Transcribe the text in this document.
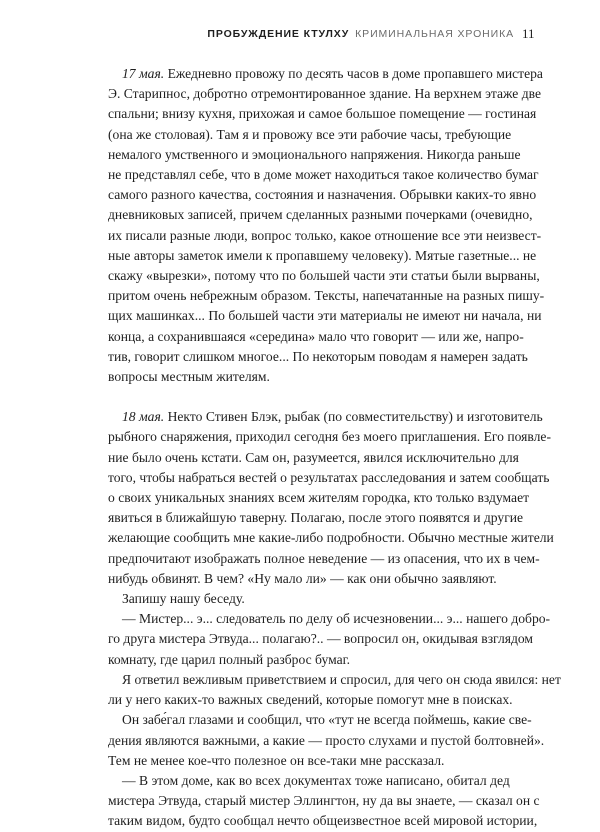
ПРОБУЖДЕНИЕ КТУЛХУ КРИМИНАЛЬНАЯ ХРОНИКА 11

17 мая. Ежедневно провожу по десять часов в доме пропавшего мистера
Э. Старипнос, добротно отремонтированное здание. На верхнем этаже две
спальни; внизу кухня, прихожая и самое большое помещение — гостиная
(она же столовая). Там я и провожу все эти рабочие часы, требующие
немалого умственного и эмоционального напряжения. Никогда раньше
не представлял себе, что в доме может находиться такое количество бумаг
самого разного качества, состояния и назначения. Обрывки каких-то явно
дневниковых записей, причем сделанных разными почерками (очевидно,
их писали разные люди, вопрос только, какое отношение все эти неизвест-
ные авторы заметок имели к пропавшему человеку). Мятые газетные... не
скажу «вырезки», потому что по большей части эти статьи были вырваны,
притом очень небрежным образом. Тексты, напечатанные на разных пишу-
щих машинках... По большей части эти материалы не имеют ни начала, ни
конца, а сохранившаяся «середина» мало что говорит — или же, напро-
тив, говорит слишком многое... По некоторым поводам я намерен задать
вопросы местным жителям.

18 мая. Некто Стивен Блэк, рыбак (по совместительству) и изготовитель
рыбного снаряжения, приходил сегодня без моего приглашения. Его появле-
ние было очень кстати. Сам он, разумеется, явился исключительно для
того, чтобы набраться вестей о результатах расследования и затем сообщать
о своих уникальных знаниях всем жителям городка, кто только вздумает
явиться в ближайшую таверну. Полагаю, после этого появятся и другие
желающие сообщить мне какие-либо подробности. Обычно местные жители
предпочитают изображать полное неведение — из опасения, что их в чем-
нибудь обвинят. В чем? «Ну мало ли» — как они обычно заявляют.

Запишу нашу беседу.

— Мистер... э... следователь по делу об исчезновении... э... нашего добро-
го друга мистера Этвуда... полагаю?.. — вопросил он, окидывая взглядом
комнату, где царил полный разброс бумаг.

Я ответил вежливым приветствием и спросил, для чего он сюда явился: нет
ли у него каких-то важных сведений, которые помогут мне в поисках.

Он забе́гал глазами и сообщил, что «тут не всегда поймешь, какие све-
дения являются важными, а какие — просто слухами и пустой болтовней».
Тем не менее кое-что полезное он все-таки мне рассказал.

— В этом доме, как во всех документах тоже написано, обитал дед
мистера Этвуда, старый мистер Эллингтон, ну да вы знаете, — сказал он с
таким видом, будто сообщал нечто общеизвестное всей мировой истории,
